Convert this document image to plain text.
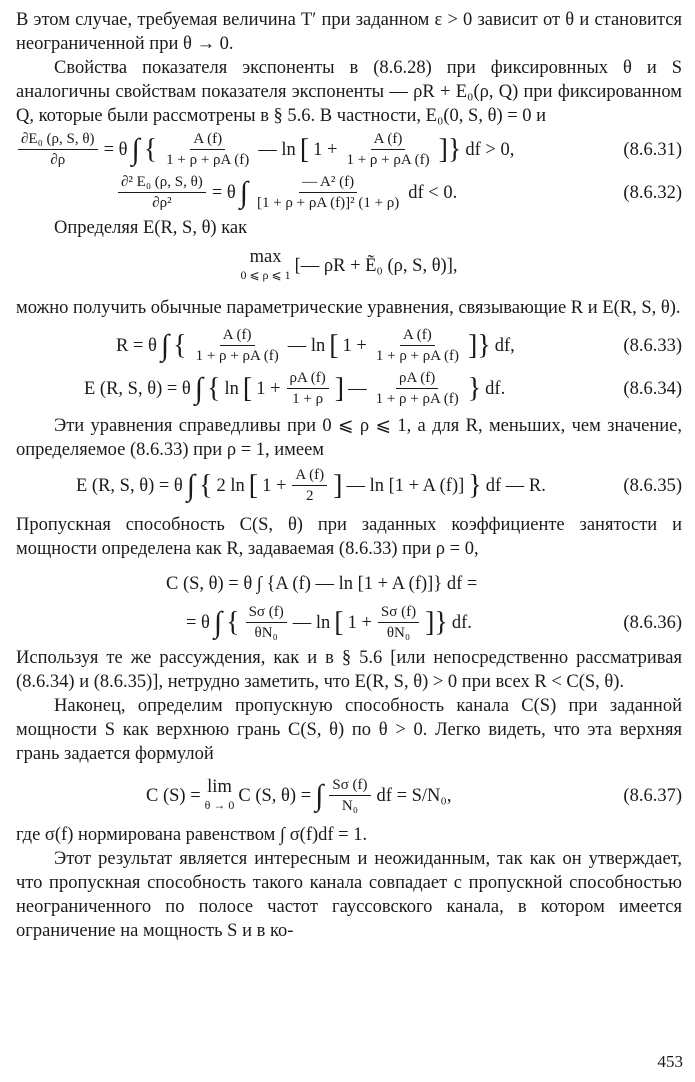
В этом случае, требуемая величина T′ при заданном ε > 0 зависит от θ и становится неограниченной при θ → 0.

Свойства показателя экспоненты в (8.6.28) при фиксировнных θ и S аналогичны свойствам показателя экспоненты — ρR + E₀(ρ, Q) при фиксированном Q, которые были рассмотрены в § 5.6. В частности, E₀(0, S, θ) = 0 и

$\frac{\text{∂E₀ (ρ, S, θ)}}{\partial\rho} = \theta$ ∫ { $\frac{A (f)}{1 + \rho + \rho A (f)}$ — ln [ $1 + \frac{A (f)}{1 + \rho + \rho A (f)}$ ]} df > 0,	(8.6.31)
$\frac{\text{∂² E₀ (ρ, S, θ)}}{\text{∂ρ²}} = \theta$ ∫ $\frac{\text{— A² (f)}}{\text{[1 + ρ + ρA (f)]² (1 + ρ)}}$ df < 0.	(8.6.32)

Определяя E(R, S, θ) как

max
0 ⩽ ρ ⩽ 1 [— ρR + Ẽ₀ (ρ, S, θ)],

можно получить обычные параметрические уравнения, связывающие R и E(R, S, θ).

R = θ ∫ { $\frac{A (f)}{1 + \rho + \rho A (f)}$ — ln [ $1 + \frac{A (f)}{1 + \rho + \rho A (f)}$ ]} df,	(8.6.33)
E (R, S, θ) = θ ∫ { ln [ $1 + \frac{\rho A (f)}{1 + \rho}$ ] — $\frac{\rho A (f)}{1 + \rho + \rho A (f)}$ } df.	(8.6.34)

Эти уравнения справедливы при 0 ⩽ ρ ⩽ 1, а для R, меньших, чем значение, определяемое (8.6.33) при ρ = 1, имеем

E (R, S, θ) = θ ∫ { 2 ln [ $1 + \frac{A (f)}{2}$ ] — ln [1 + A (f)] } df — R.	(8.6.35)

Пропускная способность C(S, θ) при заданных коэффициенте занятости и мощности определена как R, задаваемая (8.6.33) при ρ = 0,

C (S, θ) = θ ∫ {A (f) — ln [1 + A (f)]} df =
= θ ∫ { $\frac{S\sigma (f)}{\text{θN₀}}$ — ln [ $1 + \frac{S\sigma (f)}{\text{θN₀}}$ ]} df.	(8.6.36)

Используя те же рассуждения, как и в § 5.6 [или непосредственно рассматривая (8.6.34) и (8.6.35)], нетрудно заметить, что E(R, S, θ) > 0 при всех R < C(S, θ).

Наконец, определим пропускную способность канала C(S) при заданной мощности S как верхнюю грань C(S, θ) по θ > 0. Легко видеть, что эта верхняя грань задается формулой

C (S) = lim
θ → 0 C (S, θ) = ∫ $\frac{S\sigma (f)}{\text{N₀}}$ df = S/N₀,	(8.6.37)

где σ(f) нормирована равенством ∫ σ(f)df = 1.

Этот результат является интересным и неожиданным, так как он утверждает, что пропускная способность такого канала совпадает с пропускной способностью неограниченного по полосе частот гауссовского канала, в котором имеется ограничение на мощность S и в ко-

453
